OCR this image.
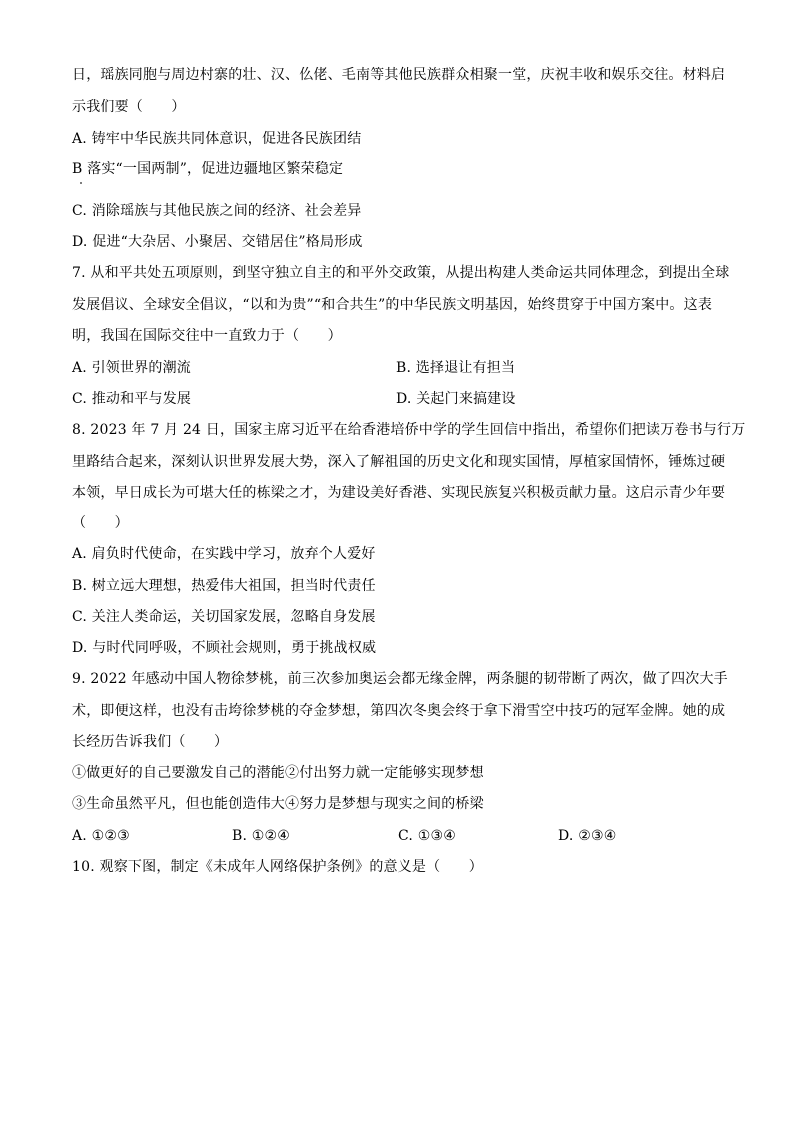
日，瑶族同胞与周边村寨的壮、汉、仫佬、毛南等其他民族群众相聚一堂，庆祝丰收和娱乐交往。材料启
示我们要（　　）
A. 铸牢中华民族共同体意识，促进各民族团结
B 落实“一国两制”，促进边疆地区繁荣稳定
C. 消除瑶族与其他民族之间的经济、社会差异
D. 促进“大杂居、小聚居、交错居住”格局形成
7. 从和平共处五项原则，到坚守独立自主的和平外交政策，从提出构建人类命运共同体理念，到提出全球
发展倡议、全球安全倡议，“以和为贵”“和合共生”的中华民族文明基因，始终贯穿于中国方案中。这表
明，我国在国际交往中一直致力于（　　）
A. 引领世界的潮流	B. 选择退让有担当
C. 推动和平与发展	D. 关起门来搞建设
8. 2023 年 7 月 24 日，国家主席习近平在给香港培侨中学的学生回信中指出，希望你们把读万卷书与行万
里路结合起来，深刻认识世界发展大势，深入了解祖国的历史文化和现实国情，厚植家国情怀，锤炼过硬
本领，早日成长为可堪大任的栋梁之才，为建设美好香港、实现民族复兴积极贡献力量。这启示青少年要
（　　）
A. 肩负时代使命，在实践中学习，放弃个人爱好
B. 树立远大理想，热爱伟大祖国，担当时代责任
C. 关注人类命运，关切国家发展，忽略自身发展
D. 与时代同呼吸，不顾社会规则，勇于挑战权威
9. 2022 年感动中国人物徐梦桃，前三次参加奥运会都无缘金牌，两条腿的韧带断了两次，做了四次大手
术，即便这样，也没有击垮徐梦桃的夺金梦想，第四次冬奥会终于拿下滑雪空中技巧的冠军金牌。她的成
长经历告诉我们（　　）
①做更好的自己要激发自己的潜能②付出努力就一定能够实现梦想
③生命虽然平凡，但也能创造伟大④努力是梦想与现实之间的桥梁
A. ①②③	B. ①②④	C. ①③④	D. ②③④
10. 观察下图，制定《未成年人网络保护条例》的意义是（　　）
